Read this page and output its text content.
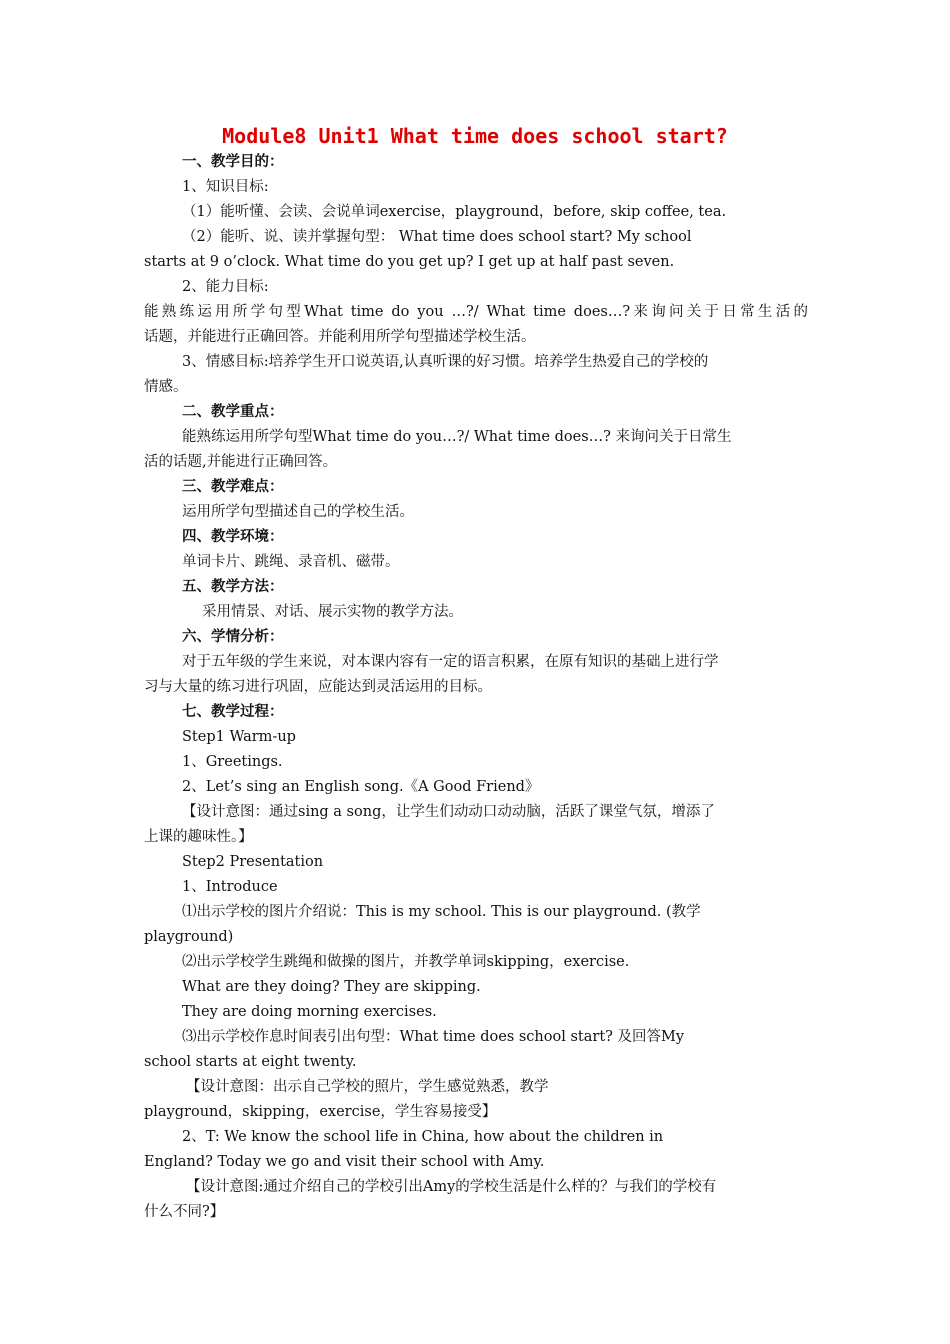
Module8 Unit1 What time does school start?
一、教学目的：
1、知识目标:
（1）能听懂、会读、会说单词exercise，playground，before, skip coffee, tea.
（2）能听、说、读并掌握句型： What time does school start? My school
starts at 9 o’clock. What time do you get up? I get up at half past seven.
2、能力目标:
能熟练运用所学句型What time do you …?/ What time does…?来询问关于日常生活的
话题，并能进行正确回答。并能利用所学句型描述学校生活。
3、情感目标:培养学生开口说英语,认真听课的好习惯。培养学生热爱自己的学校的
情感。
二、教学重点：
能熟练运用所学句型What time do you…?/ What time does…? 来询问关于日常生
活的话题,并能进行正确回答。
三、教学难点：
运用所学句型描述自己的学校生活。
四、教学环境：
单词卡片、跳绳、录音机、磁带。
五、教学方法：
采用情景、对话、展示实物的教学方法。
六、学情分析：
对于五年级的学生来说，对本课内容有一定的语言积累，在原有知识的基础上进行学
习与大量的练习进行巩固，应能达到灵活运用的目标。
七、教学过程：
Step1 Warm-up
1、Greetings.
2、Let’s sing an English song.《A Good Friend》
【设计意图：通过sing a song，让学生们动动口动动脑，活跃了课堂气氛，增添了
上课的趣味性。】
Step2 Presentation
1、Introduce
⑴出示学校的图片介绍说：This is my school. This is our playground. (教学
playground)
⑵出示学校学生跳绳和做操的图片，并教学单词skipping，exercise.
What are they doing? They are skipping.
They are doing morning exercises.
⑶出示学校作息时间表引出句型：What time does school start? 及回答My
school starts at eight twenty.
【设计意图：出示自己学校的照片，学生感觉熟悉，教学
playground，skipping，exercise，学生容易接受】
2、T: We know the school life in China, how about the children in
England? Today we go and visit their school with Amy.
【设计意图:通过介绍自己的学校引出Amy的学校生活是什么样的？与我们的学校有
什么不同?】
